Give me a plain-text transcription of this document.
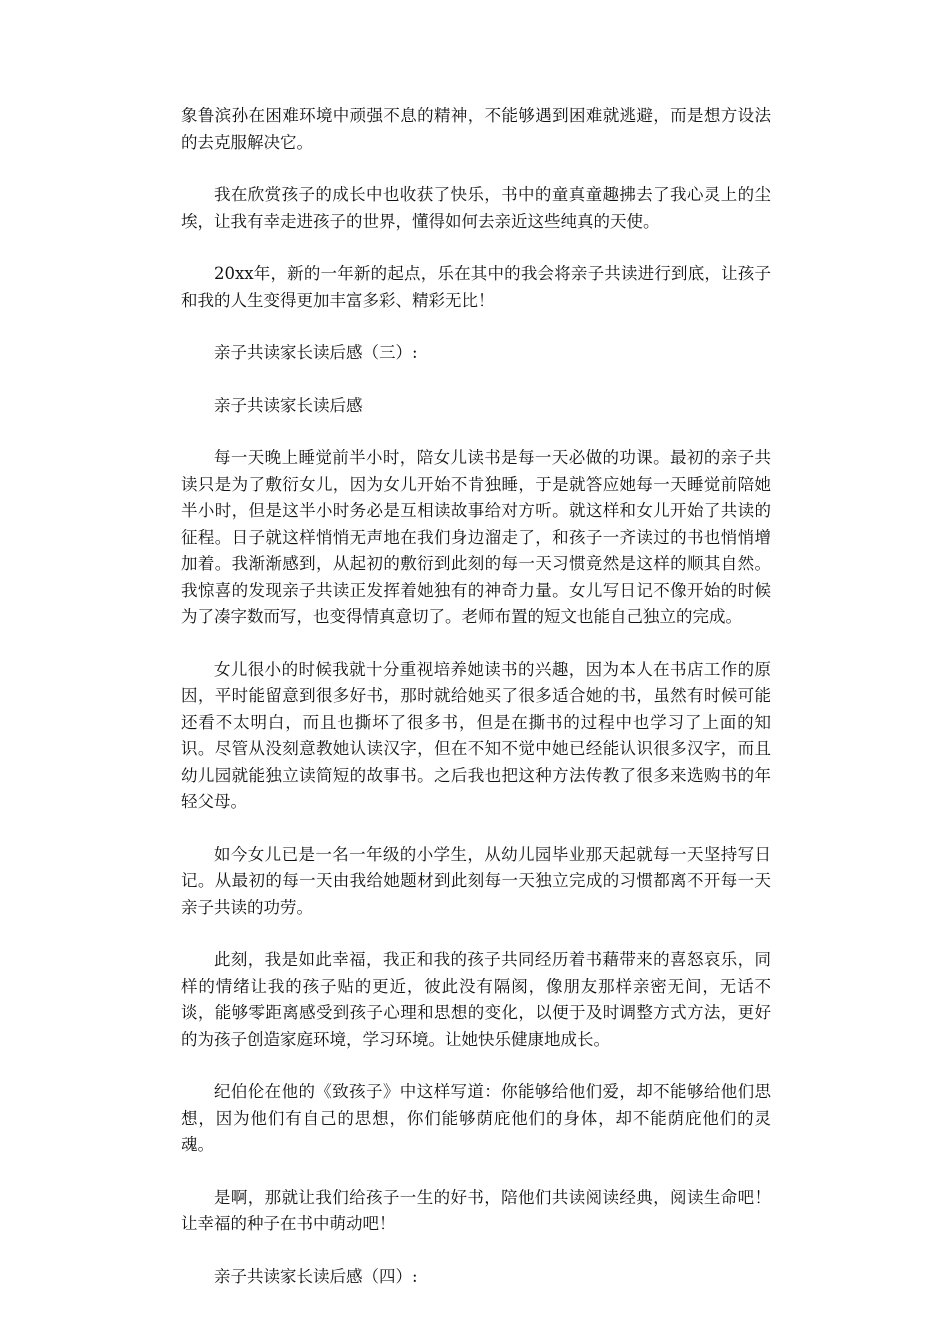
象鲁滨孙在困难环境中顽强不息的精神，不能够遇到困难就逃避，而是想方设法的去克服解决它。

我在欣赏孩子的成长中也收获了快乐，书中的童真童趣拂去了我心灵上的尘埃，让我有幸走进孩子的世界，懂得如何去亲近这些纯真的天使。

20xx年，新的一年新的起点，乐在其中的我会将亲子共读进行到底，让孩子和我的人生变得更加丰富多彩、精彩无比！

亲子共读家长读后感（三）:

亲子共读家长读后感

每一天晚上睡觉前半小时，陪女儿读书是每一天必做的功课。最初的亲子共读只是为了敷衍女儿，因为女儿开始不肯独睡，于是就答应她每一天睡觉前陪她半小时，但是这半小时务必是互相读故事给对方听。就这样和女儿开始了共读的征程。日子就这样悄悄无声地在我们身边溜走了，和孩子一齐读过的书也悄悄增加着。我渐渐感到，从起初的敷衍到此刻的每一天习惯竟然是这样的顺其自然。我惊喜的发现亲子共读正发挥着她独有的神奇力量。女儿写日记不像开始的时候为了凑字数而写，也变得情真意切了。老师布置的短文也能自己独立的完成。

女儿很小的时候我就十分重视培养她读书的兴趣，因为本人在书店工作的原因，平时能留意到很多好书，那时就给她买了很多适合她的书，虽然有时候可能还看不太明白，而且也撕坏了很多书，但是在撕书的过程中也学习了上面的知识。尽管从没刻意教她认读汉字，但在不知不觉中她已经能认识很多汉字，而且幼儿园就能独立读简短的故事书。之后我也把这种方法传教了很多来选购书的年轻父母。

如今女儿已是一名一年级的小学生，从幼儿园毕业那天起就每一天坚持写日记。从最初的每一天由我给她题材到此刻每一天独立完成的习惯都离不开每一天亲子共读的功劳。

此刻，我是如此幸福，我正和我的孩子共同经历着书藉带来的喜怒哀乐，同样的情绪让我的孩子贴的更近，彼此没有隔阂，像朋友那样亲密无间，无话不谈，能够零距离感受到孩子心理和思想的变化，以便于及时调整方式方法，更好的为孩子创造家庭环境，学习环境。让她快乐健康地成长。

纪伯伦在他的《致孩子》中这样写道：你能够给他们爱，却不能够给他们思想，因为他们有自己的思想，你们能够荫庇他们的身体，却不能荫庇他们的灵魂。

是啊，那就让我们给孩子一生的好书，陪他们共读阅读经典，阅读生命吧！让幸福的种子在书中萌动吧！

亲子共读家长读后感（四）:
